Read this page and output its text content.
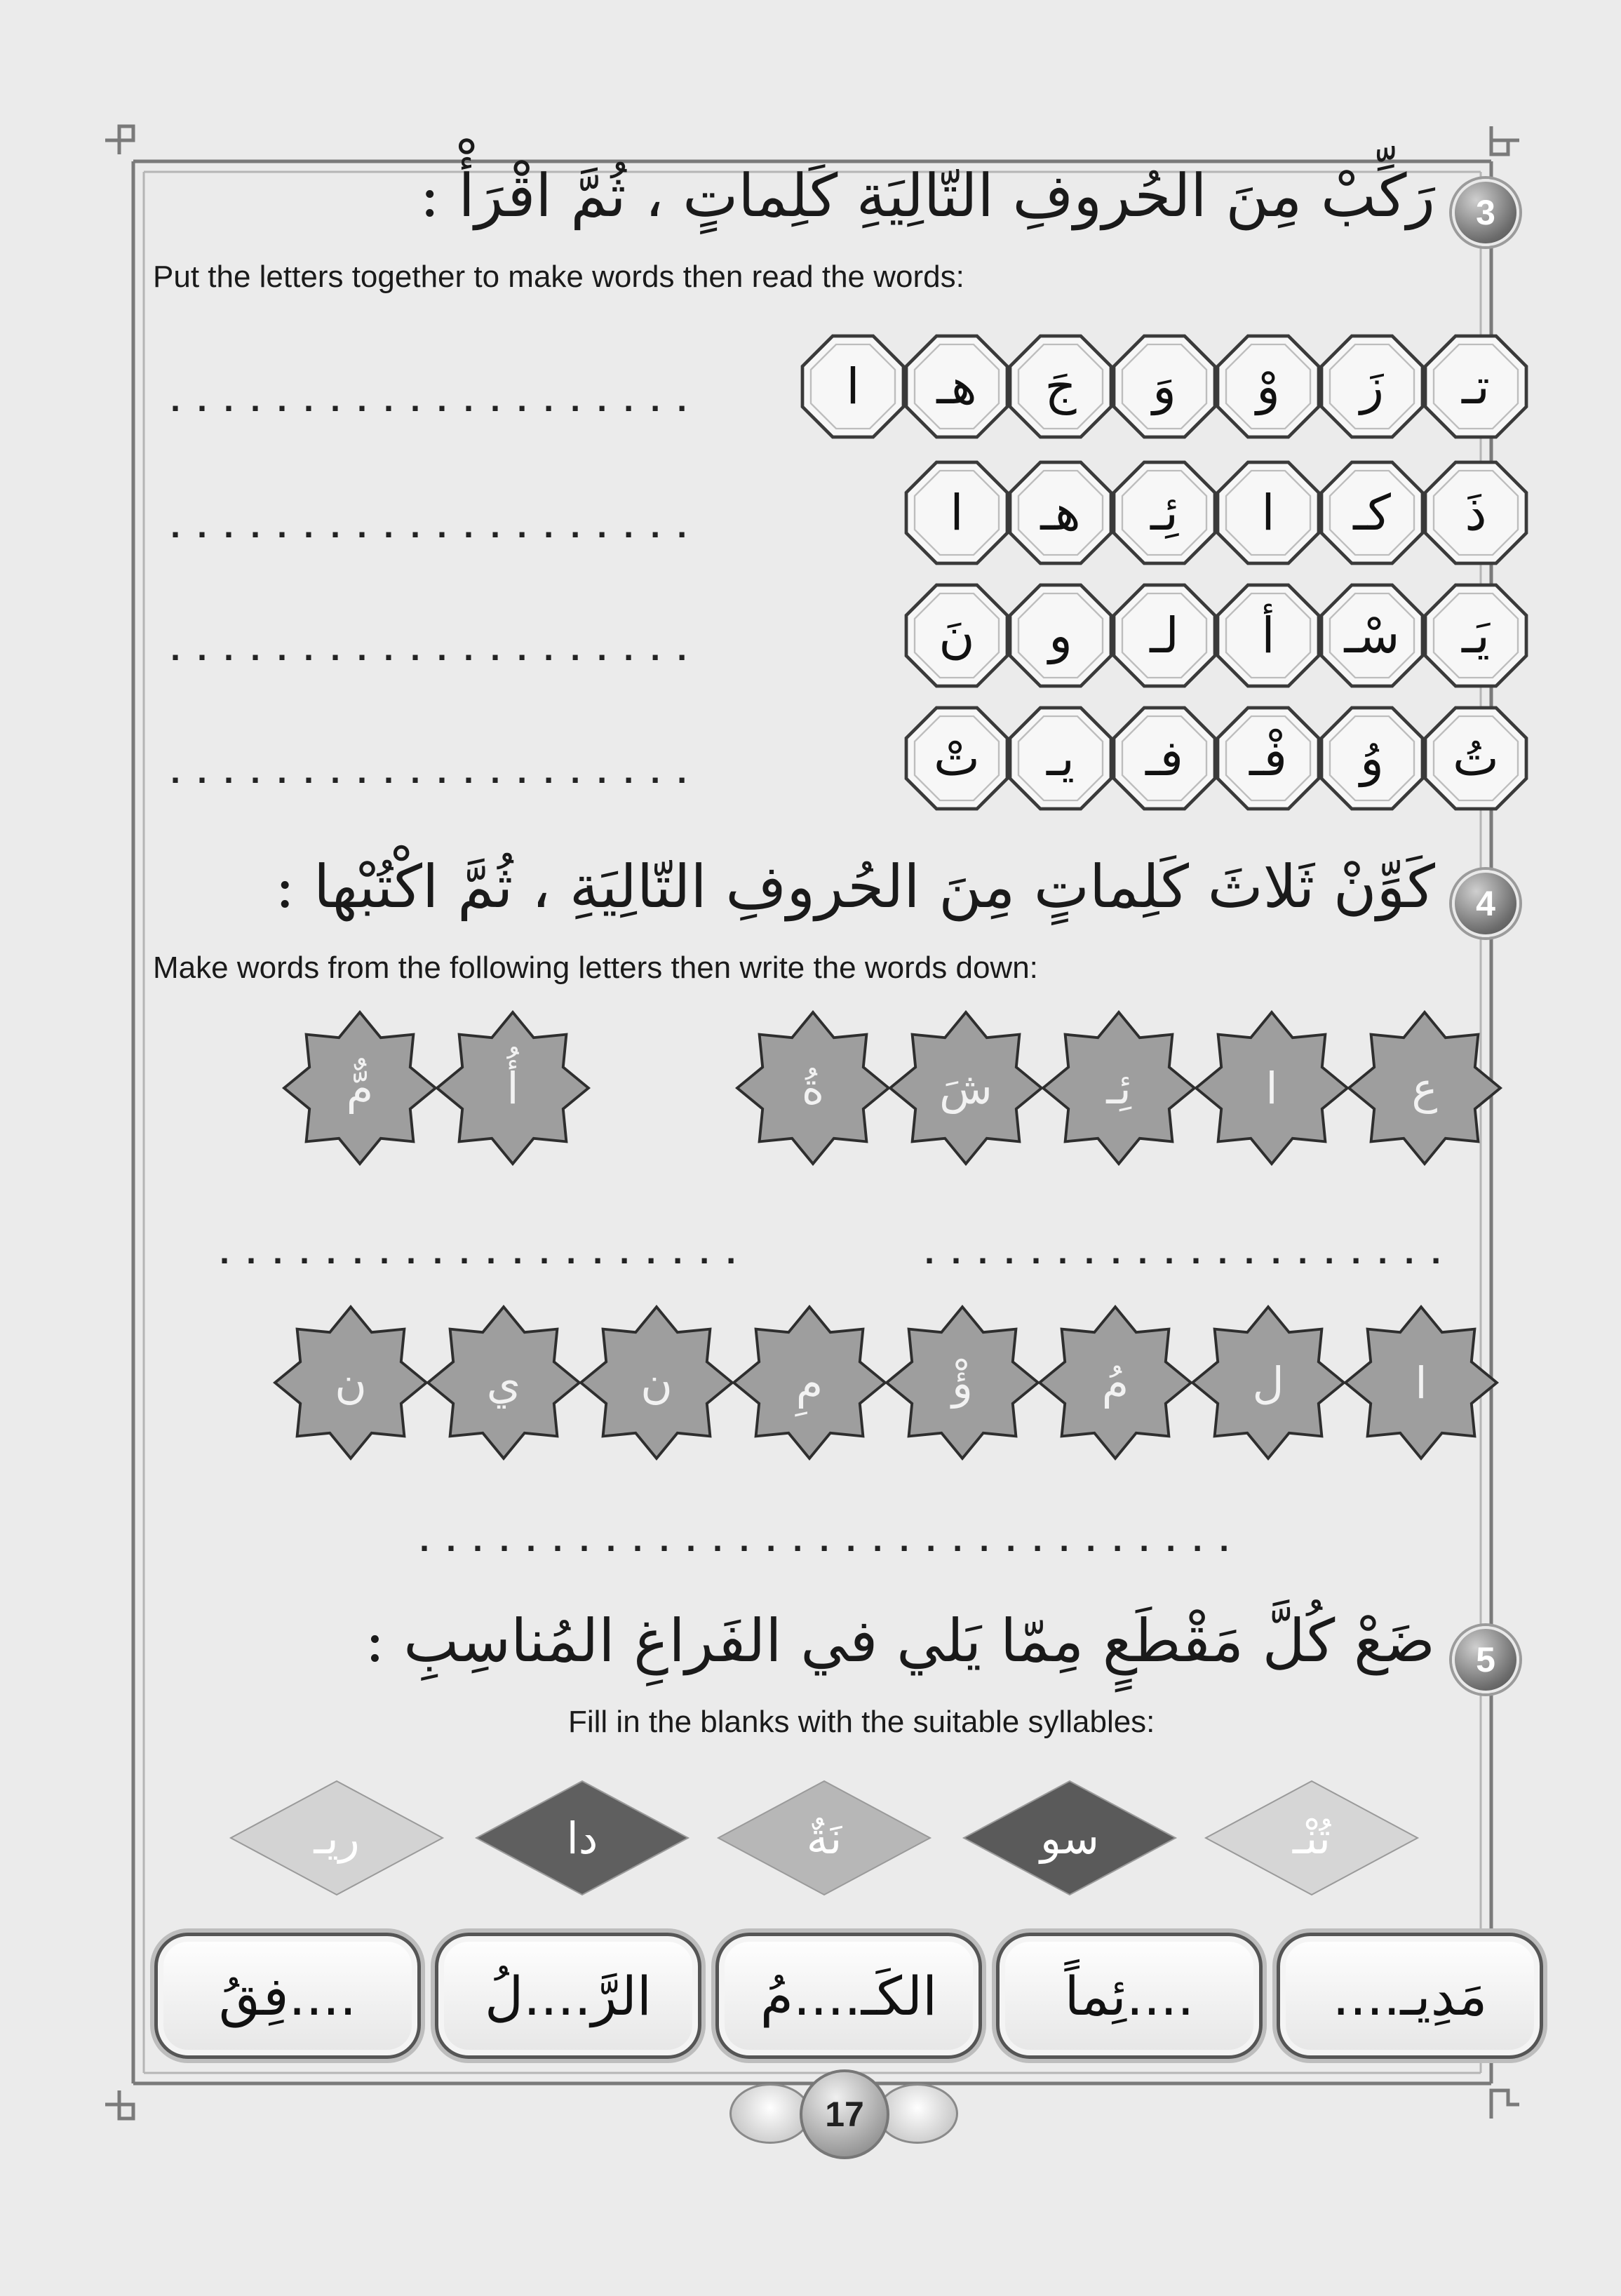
3
رَكِّبْ مِنَ الحُروفِ التّالِيَةِ كَلِماتٍ ، ثُمَّ اقْرَأْ :
Put the letters together to make words then read the words:
تـ
زَ
وْ
وَ
جَ
هـ
ا
ذَ
كـ
ا
ئِـ
هـ
ا
يَـ
سْـ
أ
لـ
و
نَ
تُ
وُ
فْـ
فـ
يـ
تْ
....................
....................
....................
....................
4
كَوِّنْ ثَلاثَ كَلِماتٍ مِنَ الحُروفِ التّالِيَةِ ، ثُمَّ اكْتُبْها :
Make words from the following letters then write the words down:
ع
ا
ئِـ
شَ
ةُ
أُ
مٌّ
ا
ل
مُ
ؤْ
مِ
ن
ي
ن
....................	....................
...............................
5
ضَعْ كُلَّ مَقْطَعٍ مِمّا يَلي في الفَراغِ المُناسِبِ :
Fill in the blanks with the suitable syllables:
تُنْـ
سو
نَةٌ
دا
ريـ
مَدِيـ....
....ئِماً
الكَـ....مُ
الرَّ....لُ
....فِقُ
17
